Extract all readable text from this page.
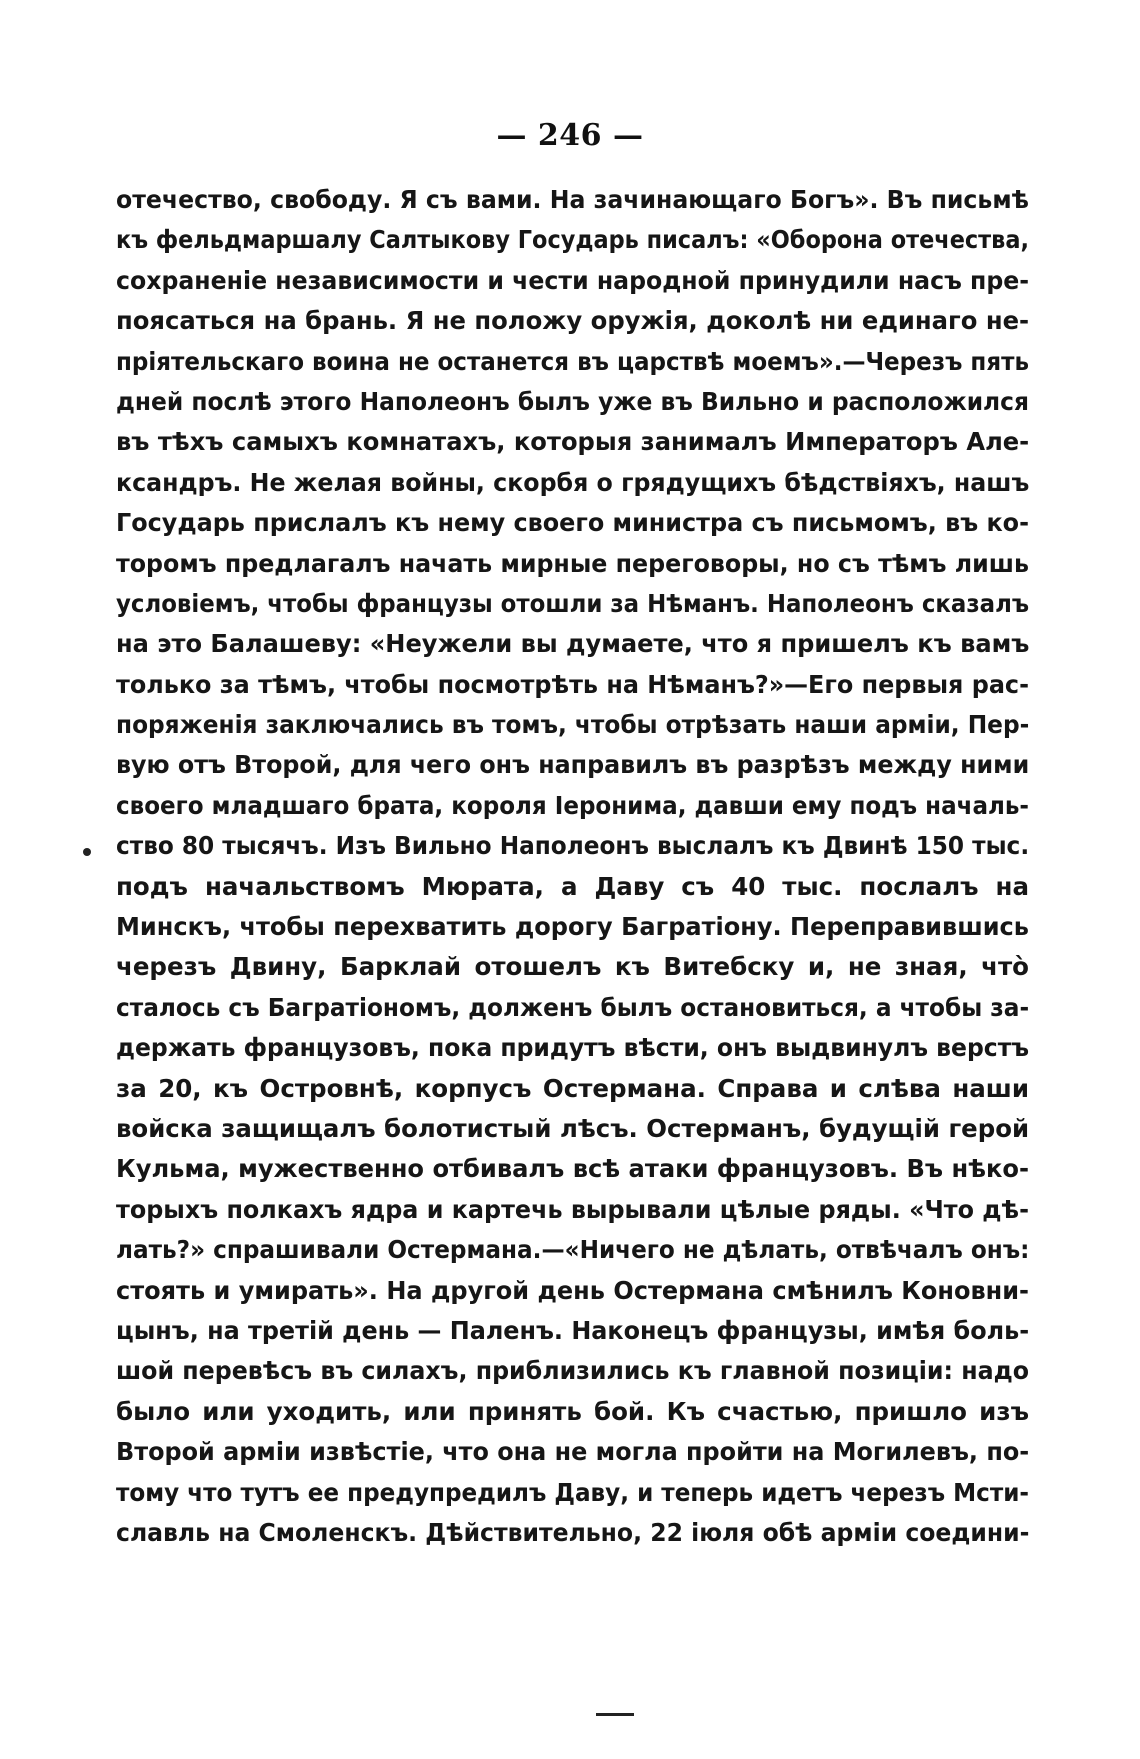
— 246 —
отечество, свободу. Я съ вами. На зачинающаго Богъ». Въ письмѣ
къ фельдмаршалу Салтыкову Государь писалъ: «Оборона отечества,
сохраненіе независимости и чести народной принудили насъ пре-
поясаться на брань. Я не положу оружія, доколѣ ни единаго не-
пріятельскаго воина не останется въ царствѣ моемъ».—Черезъ пять
дней послѣ этого Наполеонъ былъ уже въ Вильно и расположился
въ тѣхъ самыхъ комнатахъ, которыя занималъ Императоръ Але-
ксандръ. Не желая войны, скорбя о грядущихъ бѣдствіяхъ, нашъ
Государь прислалъ къ нему своего министра съ письмомъ, въ ко-
торомъ предлагалъ начать мирные переговоры, но съ тѣмъ лишь
условіемъ, чтобы французы отошли за Нѣманъ. Наполеонъ сказалъ
на это Балашеву: «Неужели вы думаете, что я пришелъ къ вамъ
только за тѣмъ, чтобы посмотрѣть на Нѣманъ?»—Его первыя рас-
поряженія заключались въ томъ, чтобы отрѣзать наши арміи, Пер-
вую отъ Второй, для чего онъ направилъ въ разрѣзъ между ними
своего младшаго брата, короля Іеронима, давши ему подъ началь-
ство 80 тысячъ. Изъ Вильно Наполеонъ выслалъ къ Двинѣ 150 тыс.
подъ начальствомъ Мюрата, а Даву съ 40 тыс. послалъ на
Минскъ, чтобы перехватить дорогу Багратіону. Переправившись
черезъ Двину, Барклай отошелъ къ Витебску и, не зная, что̀
сталось съ Багратіономъ, долженъ былъ остановиться, а чтобы за-
держать французовъ, пока придутъ вѣсти, онъ выдвинулъ верстъ
за 20, къ Островнѣ, корпусъ Остермана. Справа и слѣва наши
войска защищалъ болотистый лѣсъ. Остерманъ, будущій герой
Кульма, мужественно отбивалъ всѣ атаки французовъ. Въ нѣко-
торыхъ полкахъ ядра и картечь вырывали цѣлые ряды. «Что дѣ-
лать?» спрашивали Остермана.—«Ничего не дѣлать, отвѣчалъ онъ:
стоять и умирать». На другой день Остермана смѣнилъ Коновни-
цынъ, на третій день — Паленъ. Наконецъ французы, имѣя боль-
шой перевѣсъ въ силахъ, приблизились къ главной позиціи: надо
было или уходить, или принять бой. Къ счастью, пришло изъ
Второй арміи извѣстіе, что она не могла пройти на Могилевъ, по-
тому что тутъ ее предупредилъ Даву, и теперь идетъ черезъ Мсти-
славль на Смоленскъ. Дѣйствительно, 22 іюля обѣ арміи соедини-
